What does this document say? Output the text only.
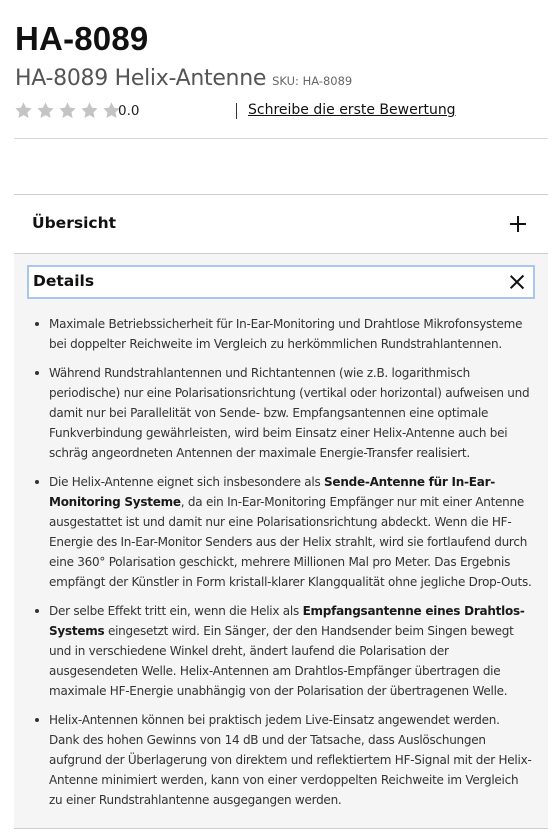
HA-8089
HA-8089 Helix-Antenne SKU: HA-8089
0.0	Schreibe die erste Bewertung
Übersicht
Details
Maximale Betriebssicherheit für In-Ear-Monitoring und Drahtlose Mikrofonsysteme bei doppelter Reichweite im Vergleich zu herkömmlichen Rundstrahlantennen.
Während Rundstrahlantennen und Richtantennen (wie z.B. logarithmisch periodische) nur eine Polarisationsrichtung (vertikal oder horizontal) aufweisen und damit nur bei Parallelität von Sende- bzw. Empfangsantennen eine optimale Funkverbindung gewährleisten, wird beim Einsatz einer Helix-Antenne auch bei schräg angeordneten Antennen der maximale Energie-Transfer realisiert.
Die Helix-Antenne eignet sich insbesondere als Sende-Antenne für In-Ear-Monitoring Systeme, da ein In-Ear-Monitoring Empfänger nur mit einer Antenne ausgestattet ist und damit nur eine Polarisationsrichtung abdeckt. Wenn die HF-Energie des In-Ear-Monitor Senders aus der Helix strahlt, wird sie fortlaufend durch eine 360° Polarisation geschickt, mehrere Millionen Mal pro Meter. Das Ergebnis empfängt der Künstler in Form kristall-klarer Klangqualität ohne jegliche Drop-Outs.
Der selbe Effekt tritt ein, wenn die Helix als Empfangsantenne eines Drahtlos-Systems eingesetzt wird. Ein Sänger, der den Handsender beim Singen bewegt und in verschiedene Winkel dreht, ändert laufend die Polarisation der ausgesendeten Welle. Helix-Antennen am Drahtlos-Empfänger übertragen die maximale HF-Energie unabhängig von der Polarisation der übertragenen Welle.
Helix-Antennen können bei praktisch jedem Live-Einsatz angewendet werden. Dank des hohen Gewinns von 14 dB und der Tatsache, dass Auslöschungen aufgrund der Überlagerung von direktem und reflektiertem HF-Signal mit der Helix-Antenne minimiert werden, kann von einer verdoppelten Reichweite im Vergleich zu einer Rundstrahlantenne ausgegangen werden.
